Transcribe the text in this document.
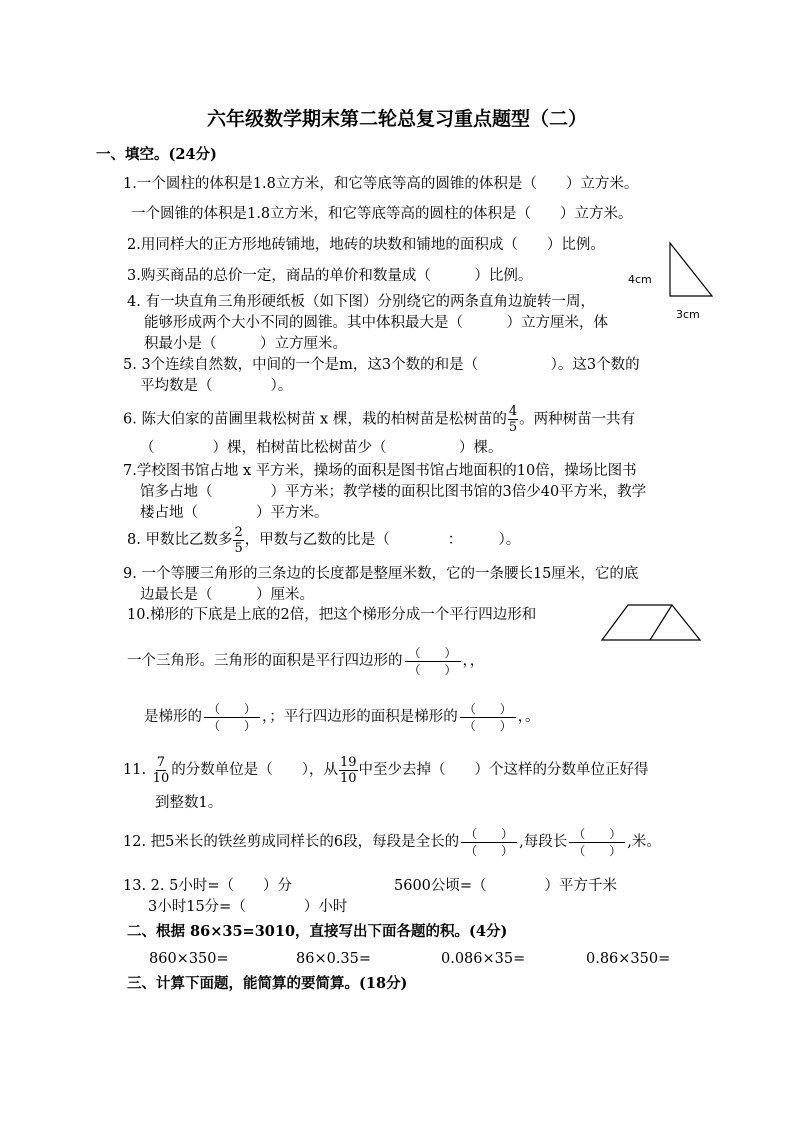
六年级数学期末第二轮总复习重点题型（二）
一、填空。(24分)
1.一个圆柱的体积是1.8立方米，和它等底等高的圆锥的体积是（　　）立方米。
一个圆锥的体积是1.8立方米，和它等底等高的圆柱的体积是（　　）立方米。
2.用同样大的正方形地砖铺地，地砖的块数和铺地的面积成（　　）比例。
3.购买商品的总价一定，商品的单价和数量成（　　　）比例。	4cm
3cm
4. 有一块直角三角形硬纸板（如下图）分别绕它的两条直角边旋转一周，
能够形成两个大小不同的圆锥。其中体积最大是（　　　）立方厘米，体
积最小是（　　　）立方厘米。
5. 3个连续自然数，中间的一个是m，这3个数的和是（　　　　　）。这3个数的
平均数是（　　　　）。
6. 陈大伯家的苗圃里栽松树苗 x 棵，栽的柏树苗是松树苗的 $\frac{4}{5}$ 。两种树苗一共有
（　　　　）棵，柏树苗比松树苗少（　　　　　）棵。
7.学校图书馆占地 x 平方米，操场的面积是图书馆占地面积的10倍，操场比图书
馆多占地（　　　　）平方米；教学楼的面积比图书馆的3倍少40平方米，教学
楼占地（　　　　）平方米。
8. 甲数比乙数多 $\frac{2}{5}$ ，甲数与乙数的比是（　　　　：　　　）。
9. 一个等腰三角形的三条边的长度都是整厘米数，它的一条腰长15厘米，它的底
边最长是（　　　）厘米。
10.梯形的下底是上底的2倍，把这个梯形分成一个平行四边形和
一个三角形。三角形的面积是平行四边形的
（　　）
（　　）
，，
是梯形的
（　　）
（　　）
，；平行四边形的面积是梯形的
（　　）
（　　）
，。
11. $\frac{7}{10}$ 的分数单位是（　　），从 $\frac{19}{10}$ 中至少去掉（　　）个这样的分数单位正好得
到整数1。
12. 把5米长的铁丝剪成同样长的6段，每段是全长的
（　　）
（　　）
,每段长
（　　）
（　　）
,米。
13. 2. 5小时=（　　）分	5600公顷=（　　　　）平方千米
3小时15分=（　　　　）小时
二、根据 86×35=3010，直接写出下面各题的积。(4分)
860×350=	86×0.35=	0.086×35=	0.86×350=
三、计算下面题，能简算的要简算。(18分)
